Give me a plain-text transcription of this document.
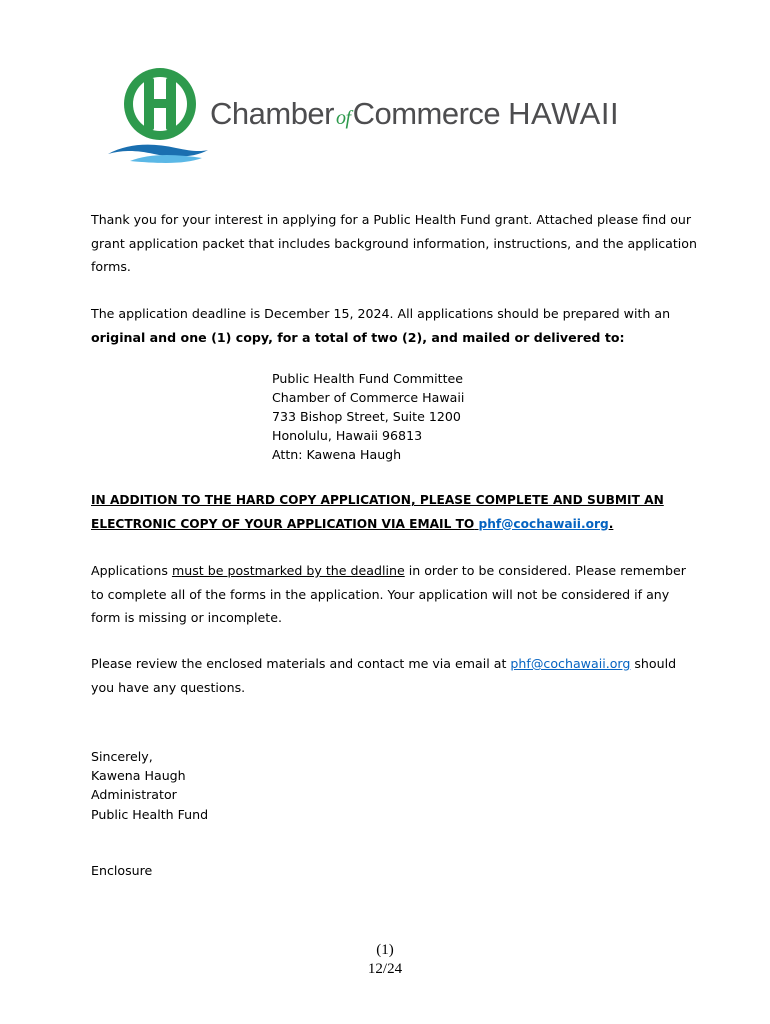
Chamber ofCommerce HAWAII
Thank you for your interest in applying for a Public Health Fund grant. Attached please find our
grant application packet that includes background information, instructions, and the application
forms.
The application deadline is December 15, 2024. All applications should be prepared with an
original and one (1) copy, for a total of two (2), and mailed or delivered to:
Public Health Fund Committee
Chamber of Commerce Hawaii
733 Bishop Street, Suite 1200
Honolulu, Hawaii 96813
Attn: Kawena Haugh
IN ADDITION TO THE HARD COPY APPLICATION, PLEASE COMPLETE AND SUBMIT AN
ELECTRONIC COPY OF YOUR APPLICATION VIA EMAIL TO phf@cochawaii.org.
Applications must be postmarked by the deadline in order to be considered. Please remember
to complete all of the forms in the application. Your application will not be considered if any
form is missing or incomplete.
Please review the enclosed materials and contact me via email at phf@cochawaii.org should
you have any questions.
Sincerely,
Kawena Haugh
Administrator
Public Health Fund
Enclosure
(1)
12/24
